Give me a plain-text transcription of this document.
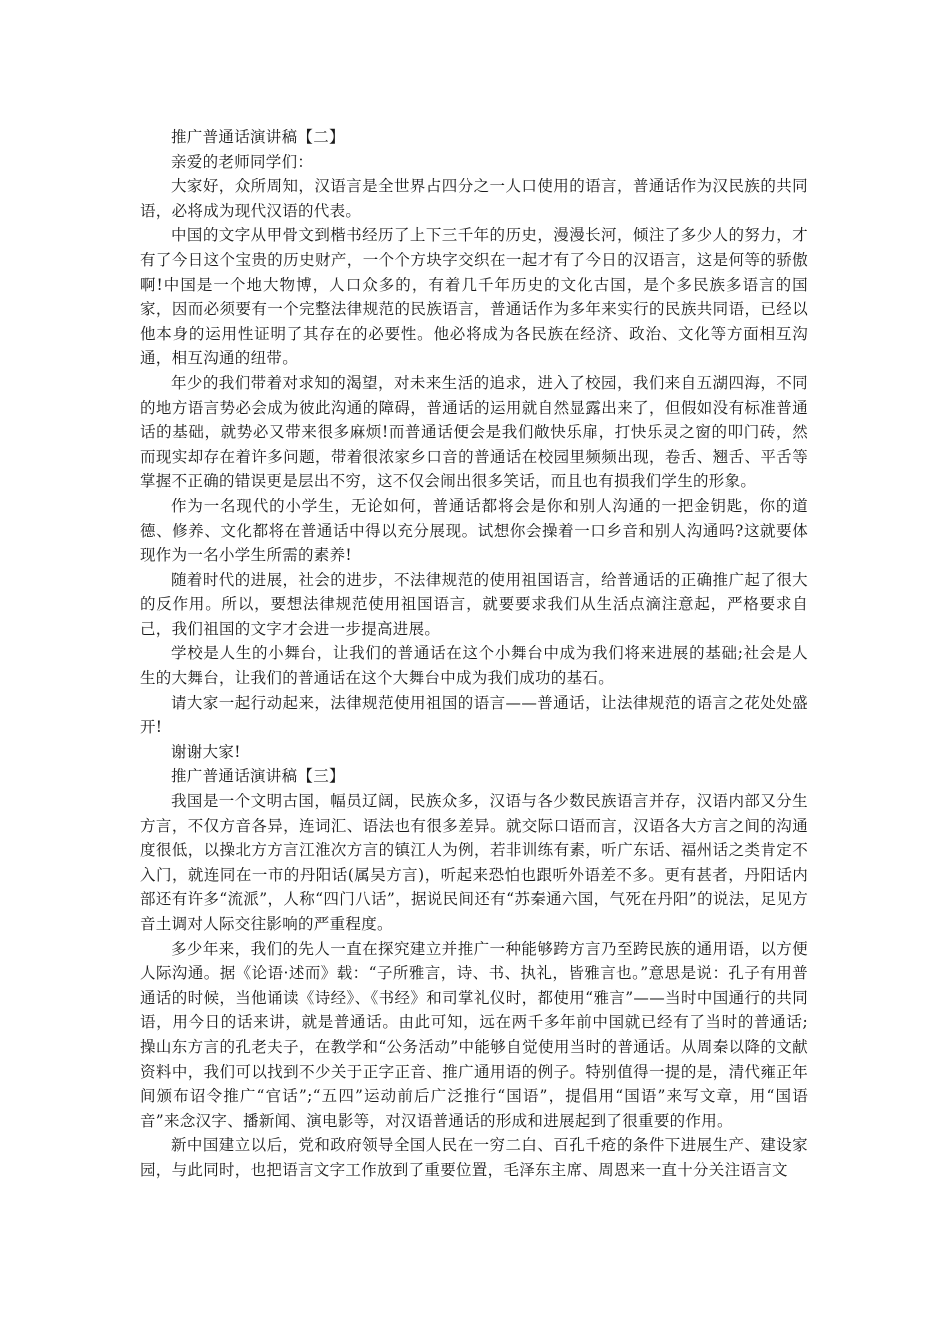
推广普通话演讲稿【二】

亲爱的老师同学们：

大家好，众所周知，汉语言是全世界占四分之一人口使用的语言，普通话作为汉民族的共同语，必将成为现代汉语的代表。

中国的文字从甲骨文到楷书经历了上下三千年的历史，漫漫长河，倾注了多少人的努力，才有了今日这个宝贵的历史财产，一个个方块字交织在一起才有了今日的汉语言，这是何等的骄傲啊!中国是一个地大物博，人口众多的，有着几千年历史的文化古国，是个多民族多语言的国家，因而必须要有一个完整法律规范的民族语言，普通话作为多年来实行的民族共同语，已经以他本身的运用性证明了其存在的必要性。他必将成为各民族在经济、政治、文化等方面相互沟通，相互沟通的纽带。

年少的我们带着对求知的渴望，对未来生活的追求，进入了校园，我们来自五湖四海，不同的地方语言势必会成为彼此沟通的障碍，普通话的运用就自然显露出来了，但假如没有标准普通话的基础，就势必又带来很多麻烦!而普通话便会是我们敞快乐扉，打快乐灵之窗的叩门砖，然而现实却存在着许多问题，带着很浓家乡口音的普通话在校园里频频出现，卷舌、翘舌、平舌等掌握不正确的错误更是层出不穷，这不仅会闹出很多笑话，而且也有损我们学生的形象。

作为一名现代的小学生，无论如何，普通话都将会是你和别人沟通的一把金钥匙，你的道德、修养、文化都将在普通话中得以充分展现。试想你会操着一口乡音和别人沟通吗?这就要体现作为一名小学生所需的素养!

随着时代的进展，社会的进步，不法律规范的使用祖国语言，给普通话的正确推广起了很大的反作用。所以，要想法律规范使用祖国语言，就要要求我们从生活点滴注意起，严格要求自己，我们祖国的文字才会进一步提高进展。

学校是人生的小舞台，让我们的普通话在这个小舞台中成为我们将来进展的基础;社会是人生的大舞台，让我们的普通话在这个大舞台中成为我们成功的基石。

请大家一起行动起来，法律规范使用祖国的语言——普通话，让法律规范的语言之花处处盛开!

谢谢大家!

推广普通话演讲稿【三】

我国是一个文明古国，幅员辽阔，民族众多，汉语与各少数民族语言并存，汉语内部又分生方言，不仅方音各异，连词汇、语法也有很多差异。就交际口语而言，汉语各大方言之间的沟通度很低，以操北方方言江淮次方言的镇江人为例，若非训练有素，听广东话、福州话之类肯定不入门，就连同在一市的丹阳话(属吴方言)，听起来恐怕也跟听外语差不多。更有甚者，丹阳话内部还有许多“流派”，人称“四门八话”，据说民间还有“苏秦通六国，气死在丹阳”的说法，足见方音土调对人际交往影响的严重程度。

多少年来，我们的先人一直在探究建立并推广一种能够跨方言乃至跨民族的通用语，以方便人际沟通。据《论语·述而》载：“子所雅言，诗、书、执礼，皆雅言也。”意思是说：孔子有用普通话的时候，当他诵读《诗经》、《书经》和司掌礼仪时，都使用“雅言”——当时中国通行的共同语，用今日的话来讲，就是普通话。由此可知，远在两千多年前中国就已经有了当时的普通话;操山东方言的孔老夫子，在教学和“公务活动”中能够自觉使用当时的普通话。从周秦以降的文献资料中，我们可以找到不少关于正字正音、推广通用语的例子。特别值得一提的是，清代雍正年间颁布诏令推广“官话”;“五四”运动前后广泛推行“国语”，提倡用“国语”来写文章，用“国语音”来念汉字、播新闻、演电影等，对汉语普通话的形成和进展起到了很重要的作用。

新中国建立以后，党和政府领导全国人民在一穷二白、百孔千疮的条件下进展生产、建设家园，与此同时，也把语言文字工作放到了重要位置，毛泽东主席、周恩来一直十分关注语言文
